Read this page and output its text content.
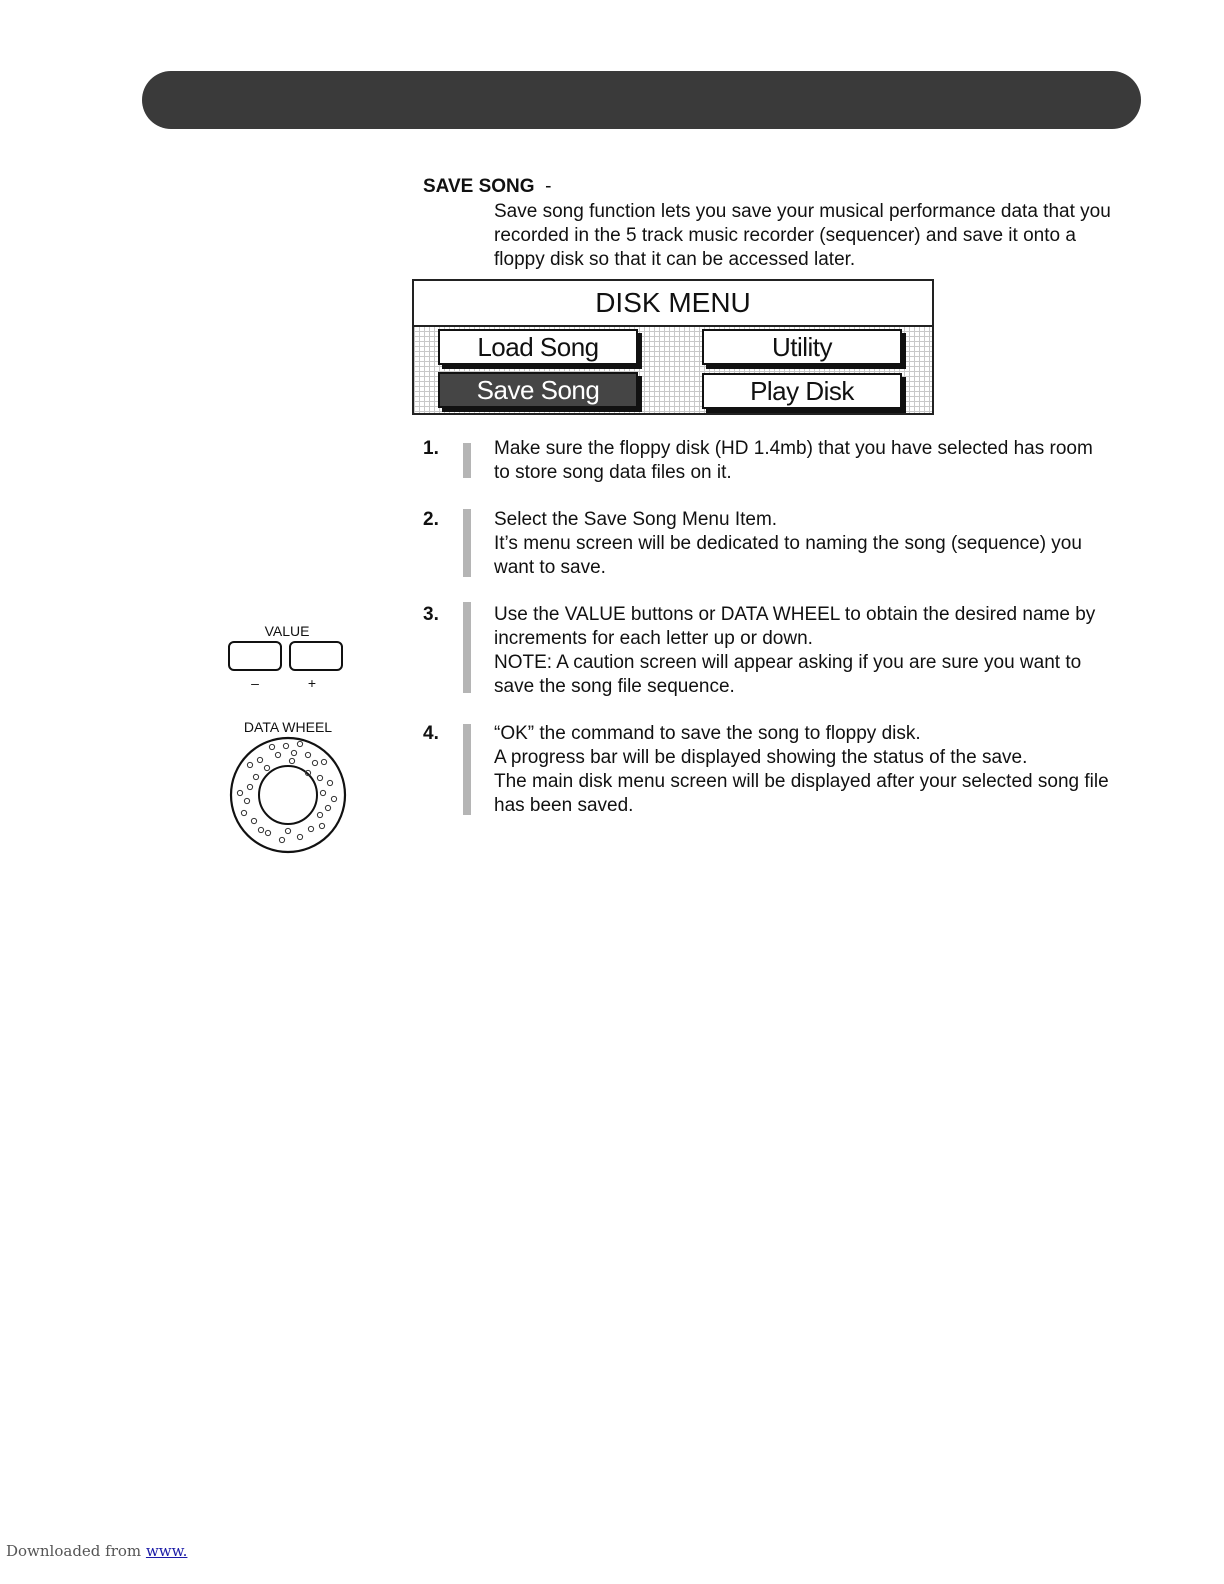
SAVE SONG -
Save song function lets you save your musical performance data that you
recorded in the 5 track music recorder (sequencer) and save it onto a
floppy disk so that it can be accessed later.
DISK MENU
Load Song	Utility
Save Song	Play Disk
1.	Make sure the floppy disk (HD 1.4mb) that you have selected has room
to store song data files on it.
2.	Select the Save Song Menu Item.
It’s menu screen will be dedicated to naming the song (sequence) you
want to save.
3.	Use the VALUE buttons or DATA WHEEL to obtain the desired name by
increments for each letter up or down.
NOTE: A caution screen will appear asking if you are sure you want to
save the song file sequence.
4.	“OK” the command to save the song to floppy disk.
A progress bar will be displayed showing the status of the save.
The main disk menu screen will be displayed after your selected song file
has been saved.
VALUE
–	+
DATA WHEEL
Downloaded from www.
